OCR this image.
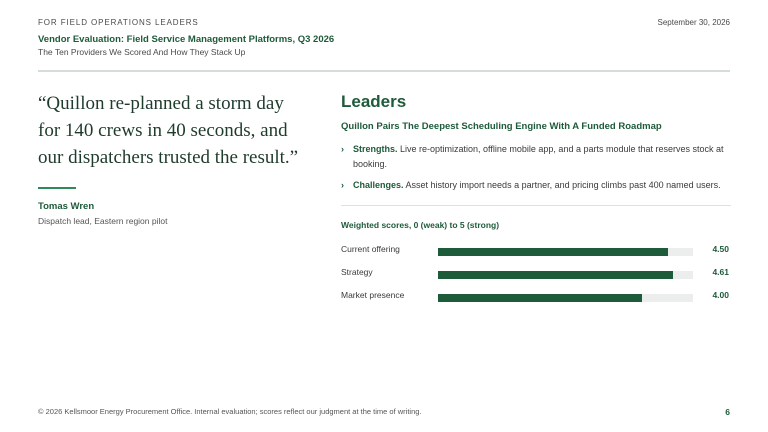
FOR FIELD OPERATIONS LEADERS	September 30, 2026
Vendor Evaluation: Field Service Management Platforms, Q3 2026
The Ten Providers We Scored And How They Stack Up
“Quillon re-planned a storm day for 140 crews in 40 seconds, and our dispatchers trusted the result.”
Tomas Wren
Dispatch lead, Eastern region pilot
Leaders
Quillon Pairs The Deepest Scheduling Engine With A Funded Roadmap
›	Strengths. Live re-optimization, offline mobile app, and a parts module that reserves stock at booking.
›	Challenges. Asset history import needs a partner, and pricing climbs past 400 named users.
Weighted scores, 0 (weak) to 5 (strong)
Current offering	4.50
Strategy	4.61
Market presence	4.00
© 2026 Kellsmoor Energy Procurement Office. Internal evaluation; scores reflect our judgment at the time of writing.	6
